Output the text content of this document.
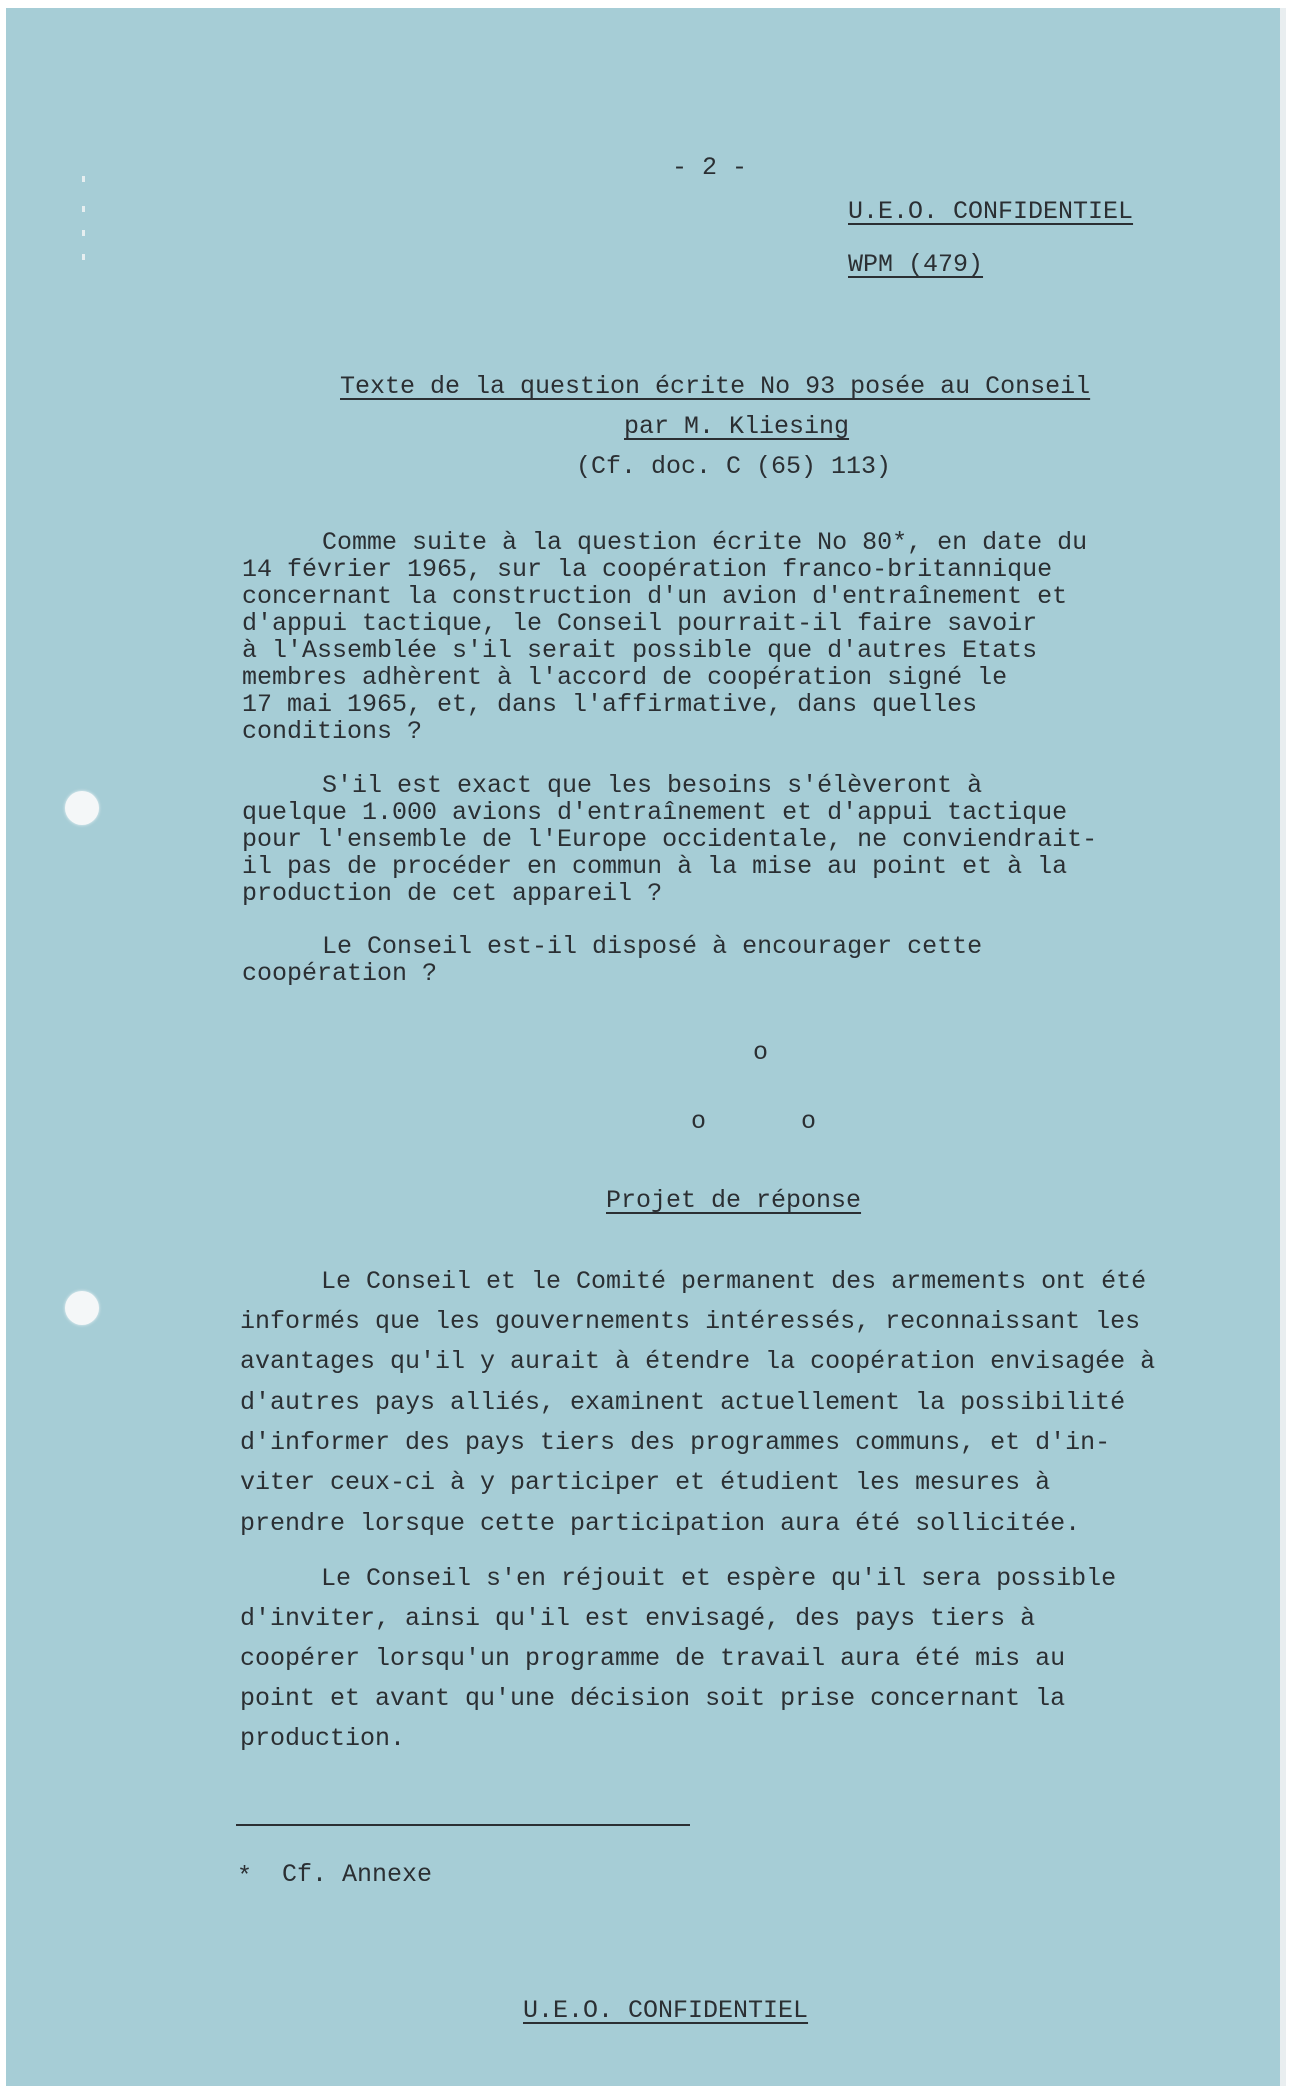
- 2 -

U.E.O. CONFIDENTIEL

WPM (479)

Texte de la question écrite No 93 posée au Conseil

par M. Kliesing

(Cf. doc. C (65) 113)

Comme suite à la question écrite No 80*, en date du

14 février 1965, sur la coopération franco-britannique

concernant la construction d'un avion d'entraînement et

d'appui tactique, le Conseil pourrait-il faire savoir

à l'Assemblée s'il serait possible que d'autres Etats

membres adhèrent à l'accord de coopération signé le

17 mai 1965, et, dans l'affirmative, dans quelles

conditions ?

S'il est exact que les besoins s'élèveront à

quelque 1.000 avions d'entraînement et d'appui tactique

pour l'ensemble de l'Europe occidentale, ne conviendrait-

il pas de procéder en commun à la mise au point et à la

production de cet appareil ?

Le Conseil est-il disposé à encourager cette

coopération ?

o

o	o

Projet de réponse

Le Conseil et le Comité permanent des armements ont été

informés que les gouvernements intéressés, reconnaissant les

avantages qu'il y aurait à étendre la coopération envisagée à

d'autres pays alliés, examinent actuellement la possibilité

d'informer des pays tiers des programmes communs, et d'in-

viter ceux-ci à y participer et étudient les mesures à

prendre lorsque cette participation aura été sollicitée.

Le Conseil s'en réjouit et espère qu'il sera possible

d'inviter, ainsi qu'il est envisagé, des pays tiers à

coopérer lorsqu'un programme de travail aura été mis au

point et avant qu'une décision soit prise concernant la

production.

* Cf. Annexe

U.E.O. CONFIDENTIEL
